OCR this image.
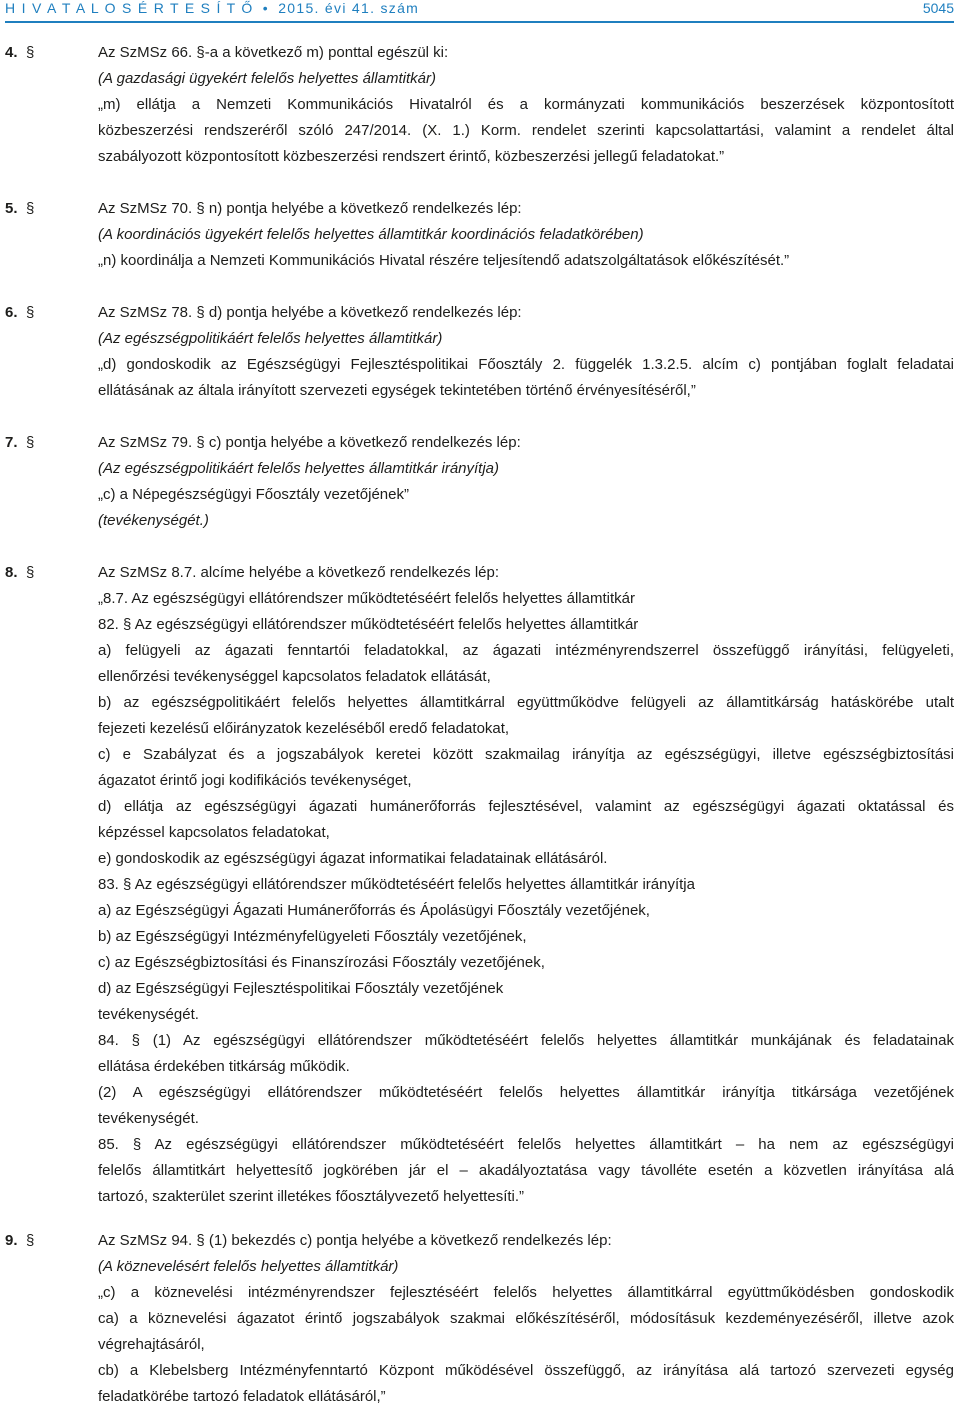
H I V A T A L O S É R T E S Í T Ő • 2015. évi 41. szám	5045
4. §	Az SzMSz 66. §-a a következő m) ponttal egészül ki:
(A gazdasági ügyekért felelős helyettes államtitkár)
„m) ellátja a Nemzeti Kommunikációs Hivatalról és a kormányzati kommunikációs beszerzések központosított
közbeszerzési rendszeréről szóló 247/2014. (X. 1.) Korm. rendelet szerinti kapcsolattartási, valamint a rendelet által
szabályozott központosított közbeszerzési rendszert érintő, közbeszerzési jellegű feladatokat.”
5. §	Az SzMSz 70. § n) pontja helyébe a következő rendelkezés lép:
(A koordinációs ügyekért felelős helyettes államtitkár koordinációs feladatkörében)
„n) koordinálja a Nemzeti Kommunikációs Hivatal részére teljesítendő adatszolgáltatások előkészítését.”
6. §	Az SzMSz 78. § d) pontja helyébe a következő rendelkezés lép:
(Az egészségpolitikáért felelős helyettes államtitkár)
„d) gondoskodik az Egészségügyi Fejlesztéspolitikai Főosztály 2. függelék 1.3.2.5. alcím c) pontjában foglalt feladatai
ellátásának az általa irányított szervezeti egységek tekintetében történő érvényesítéséről,”
7. §	Az SzMSz 79. § c) pontja helyébe a következő rendelkezés lép:
(Az egészségpolitikáért felelős helyettes államtitkár irányítja)
„c) a Népegészségügyi Főosztály vezetőjének”
(tevékenységét.)
8. §	Az SzMSz 8.7. alcíme helyébe a következő rendelkezés lép:
„8.7. Az egészségügyi ellátórendszer működtetéséért felelős helyettes államtitkár
82. § Az egészségügyi ellátórendszer működtetéséért felelős helyettes államtitkár
a) felügyeli az ágazati fenntartói feladatokkal, az ágazati intézményrendszerrel összefüggő irányítási, felügyeleti,
ellenőrzési tevékenységgel kapcsolatos feladatok ellátását,
b) az egészségpolitikáért felelős helyettes államtitkárral együttműködve felügyeli az államtitkárság hatáskörébe utalt
fejezeti kezelésű előirányzatok kezeléséből eredő feladatokat,
c) e Szabályzat és a jogszabályok keretei között szakmailag irányítja az egészségügyi, illetve egészségbiztosítási
ágazatot érintő jogi kodifikációs tevékenységet,
d) ellátja az egészségügyi ágazati humánerőforrás fejlesztésével, valamint az egészségügyi ágazati oktatással és
képzéssel kapcsolatos feladatokat,
e) gondoskodik az egészségügyi ágazat informatikai feladatainak ellátásáról.
83. § Az egészségügyi ellátórendszer működtetéséért felelős helyettes államtitkár irányítja
a) az Egészségügyi Ágazati Humánerőforrás és Ápolásügyi Főosztály vezetőjének,
b) az Egészségügyi Intézményfelügyeleti Főosztály vezetőjének,
c) az Egészségbiztosítási és Finanszírozási Főosztály vezetőjének,
d) az Egészségügyi Fejlesztéspolitikai Főosztály vezetőjének
tevékenységét.
84. § (1) Az egészségügyi ellátórendszer működtetéséért felelős helyettes államtitkár munkájának és feladatainak
ellátása érdekében titkárság működik.
(2) A egészségügyi ellátórendszer működtetéséért felelős helyettes államtitkár irányítja titkársága vezetőjének
tevékenységét.
85. § Az egészségügyi ellátórendszer működtetéséért felelős helyettes államtitkárt – ha nem az egészségügyi
felelős államtitkárt helyettesítő jogkörében jár el – akadályoztatása vagy távolléte esetén a közvetlen irányítása alá
tartozó, szakterület szerint illetékes főosztályvezető helyettesíti.”
9. §	Az SzMSz 94. § (1) bekezdés c) pontja helyébe a következő rendelkezés lép:
(A köznevelésért felelős helyettes államtitkár)
„c) a köznevelési intézményrendszer fejlesztéséért felelős helyettes államtitkárral együttműködésben gondoskodik
ca) a köznevelési ágazatot érintő jogszabályok szakmai előkészítéséről, módosításuk kezdeményezéséről, illetve azok
végrehajtásáról,
cb) a Klebelsberg Intézményfenntartó Központ működésével összefüggő, az irányítása alá tartozó szervezeti egység
feladatkörébe tartozó feladatok ellátásáról,”
